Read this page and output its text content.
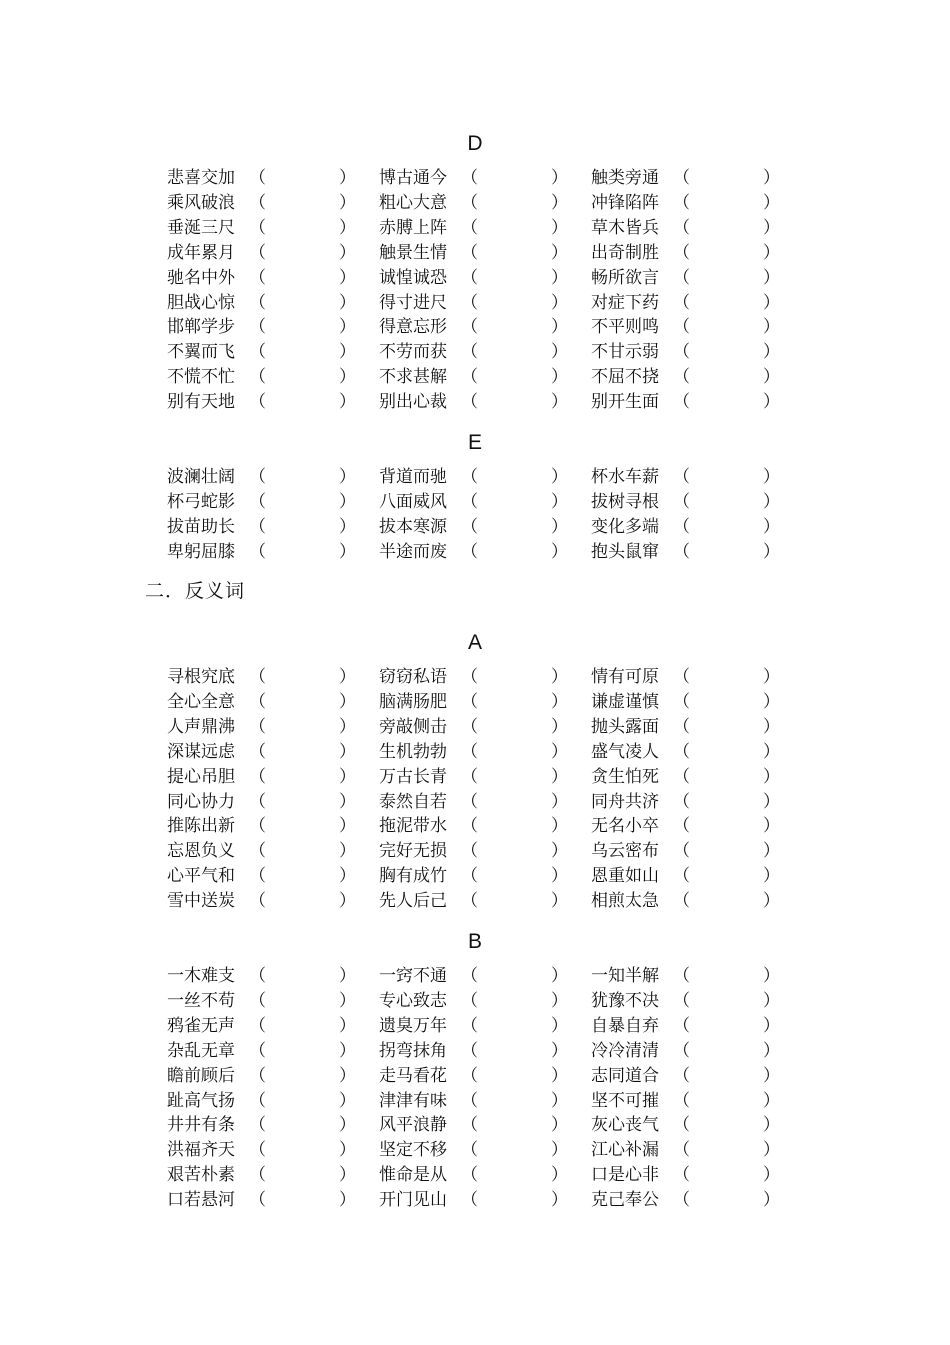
D
悲喜交加 （	） 博古通今 （	） 触类旁通 （	）
乘风破浪 （	） 粗心大意 （	） 冲锋陷阵 （	）
垂涎三尺 （	） 赤膊上阵 （	） 草木皆兵 （	）
成年累月 （	） 触景生情 （	） 出奇制胜 （	）
驰名中外 （	） 诚惶诚恐 （	） 畅所欲言 （	）
胆战心惊 （	） 得寸进尺 （	） 对症下药 （	）
邯郸学步 （	） 得意忘形 （	） 不平则鸣 （	）
不翼而飞 （	） 不劳而获 （	） 不甘示弱 （	）
不慌不忙 （	） 不求甚解 （	） 不屈不挠 （	）
别有天地 （	） 别出心裁 （	） 别开生面 （	）
E
波澜壮阔 （	） 背道而驰 （	） 杯水车薪 （	）
杯弓蛇影 （	） 八面威风 （	） 拔树寻根 （	）
拔苗助长 （	） 拔本寒源 （	） 变化多端 （	）
卑躬屈膝 （	） 半途而废 （	） 抱头鼠窜 （	）
二．反义词
A
寻根究底 （	） 窃窃私语 （	） 情有可原 （	）
全心全意 （	） 脑满肠肥 （	） 谦虚谨慎 （	）
人声鼎沸 （	） 旁敲侧击 （	） 抛头露面 （	）
深谋远虑 （	） 生机勃勃 （	） 盛气凌人 （	）
提心吊胆 （	） 万古长青 （	） 贪生怕死 （	）
同心协力 （	） 泰然自若 （	） 同舟共济 （	）
推陈出新 （	） 拖泥带水 （	） 无名小卒 （	）
忘恩负义 （	） 完好无损 （	） 乌云密布 （	）
心平气和 （	） 胸有成竹 （	） 恩重如山 （	）
雪中送炭 （	） 先人后己 （	） 相煎太急 （	）
B
一木难支 （	） 一窍不通 （	） 一知半解 （	）
一丝不苟 （	） 专心致志 （	） 犹豫不决 （	）
鸦雀无声 （	） 遗臭万年 （	） 自暴自弃 （	）
杂乱无章 （	） 拐弯抹角 （	） 冷冷清清 （	）
瞻前顾后 （	） 走马看花 （	） 志同道合 （	）
趾高气扬 （	） 津津有味 （	） 坚不可摧 （	）
井井有条 （	） 风平浪静 （	） 灰心丧气 （	）
洪福齐天 （	） 坚定不移 （	） 江心补漏 （	）
艰苦朴素 （	） 惟命是从 （	） 口是心非 （	）
口若悬河 （	） 开门见山 （	） 克己奉公 （	）
